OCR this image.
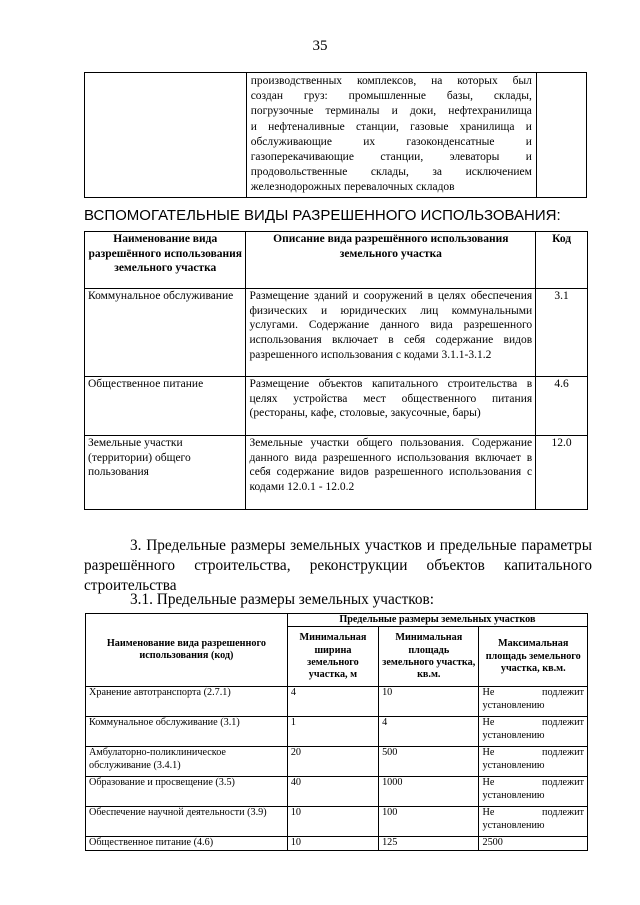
35

производственных комплексов, на которых был
создан груз: промышленные базы, склады,
погрузочные терминалы и доки, нефтехранилища
и нефтеналивные станции, газовые хранилища и
обслуживающие их газоконденсатные и
газоперекачивающие станции, элеваторы и
продовольственные склады, за исключением
железнодорожных перевалочных складов

ВСПОМОГАТЕЛЬНЫЕ ВИДЫ РАЗРЕШЕННОГО ИСПОЛЬЗОВАНИЯ:
Наименование вида разрешённого использования земельного участка	Описание вида разрешённого использования земельного участка	Код
Коммунальное обслуживание	Размещение зданий и сооружений в целях обеспечения физических и юридических лиц коммунальными услугами. Содержание данного вида разрешенного использования включает в себя содержание видов разрешенного использования с кодами 3.1.1-3.1.2	3.1
Общественное питание	Размещение объектов капитального строительства в целях устройства мест общественного питания (рестораны, кафе, столовые, закусочные, бары)	4.6
Земельные участки (территории) общего пользования	Земельные участки общего пользования. Содержание данного вида разрешенного использования включает в себя содержание видов разрешенного использования с кодами 12.0.1 - 12.0.2	12.0
3. Предельные размеры земельных участков и предельные параметры разрешённого строительства, реконструкции объектов капитального строительства
3.1. Предельные размеры земельных участков:
Наименование вида разрешенного использования (код)	Предельные размеры земельных участков		
	Минимальная ширина земельного участка, м	Минимальная площадь земельного участка, кв.м.	Максимальная площадь земельного участка, кв.м.
Хранение автотранспорта (2.7.1)	4	10	Не подлежит установлению
Коммунальное обслуживание (3.1)	1	4	Не подлежит установлению
Амбулаторно-поликлиническое обслуживание (3.4.1)	20	500	Не подлежит установлению
Образование и просвещение (3.5)	40	1000	Не подлежит установлению
Обеспечение научной деятельности (3.9)	10	100	Не подлежит установлению
Общественное питание (4.6)	10	125	2500
